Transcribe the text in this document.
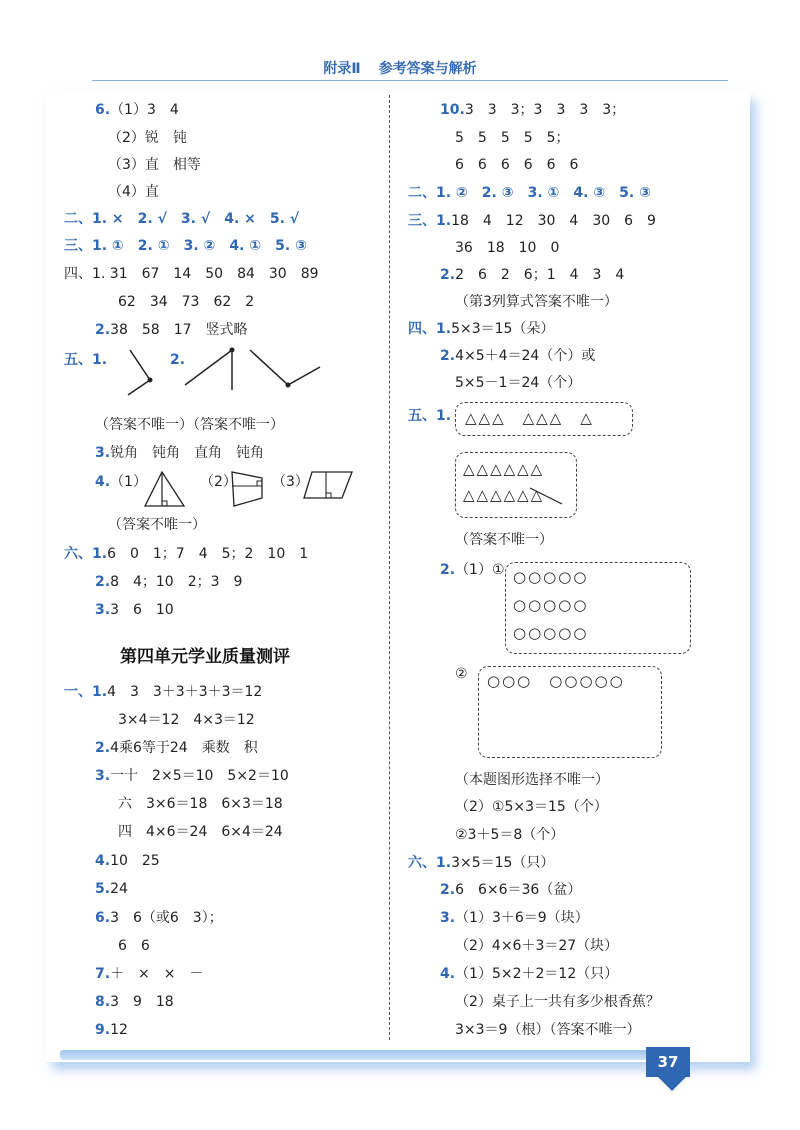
附录Ⅱ 参考答案与解析
6.（1）3　4
（2）锐　钝
（3）直　相等
（4）直
二、1. ×　2. √　3. √　4. ×　5. √
三、1. ①　2. ①　3. ②　4. ①　5. ③
四、1. 31　67　14　50　84　30　89
62　34　73　62　2
2.38　58　17　竖式略
五、1.	2.
（答案不唯一）（答案不唯一）
3.锐角　钝角　直角　钝角
4.（1）	（2）	（3）
（答案不唯一）
六、1.6　0　1；7　4　5；2　10　1
2.8　4；10　2；3　9
3.3　6　10
第四单元学业质量测评
一、1.4　3　3＋3＋3＋3＝12
3×4＝12　4×3＝12
2.4乘6等于24　乘数　积
3.一十　2×5＝10　5×2＝10
六　3×6＝18　6×3＝18
四　4×6＝24　6×4＝24
4.10　25
5.24
6.3　6（或6　3）；
6　6
7.＋　×　×　－
8.3　9　18
9.12
10.3　3　3；3　3　3　3；
5　5　5　5　5；
6　6　6　6　6　6
二、1. ②　2. ③　3. ①　4. ③　5. ③
三、1.18　4　12　30　4　30　6　9
36　18　10　0
2.2　6　2　6；1　4　3　4
（第3列算式答案不唯一）
四、1.5×3＝15（朵）
2.4×5＋4＝24（个）或
5×5－1＝24（个）
五、1. △△△　△△△　△
△△△△△△
△△△△△△
（答案不唯一）
2.（1）① ○○○○○
○○○○○
○○○○○
② ○○○　○○○○○
（本题图形选择不唯一）
（2）①5×3＝15（个）
②3＋5＝8（个）
六、1.3×5＝15（只）
2.6　6×6＝36（盆）
3.（1）3＋6＝9（块）
（2）4×6＋3＝27（块）
4.（1）5×2＋2＝12（只）
（2）桌子上一共有多少根香蕉？
3×3＝9（根）（答案不唯一）
37
